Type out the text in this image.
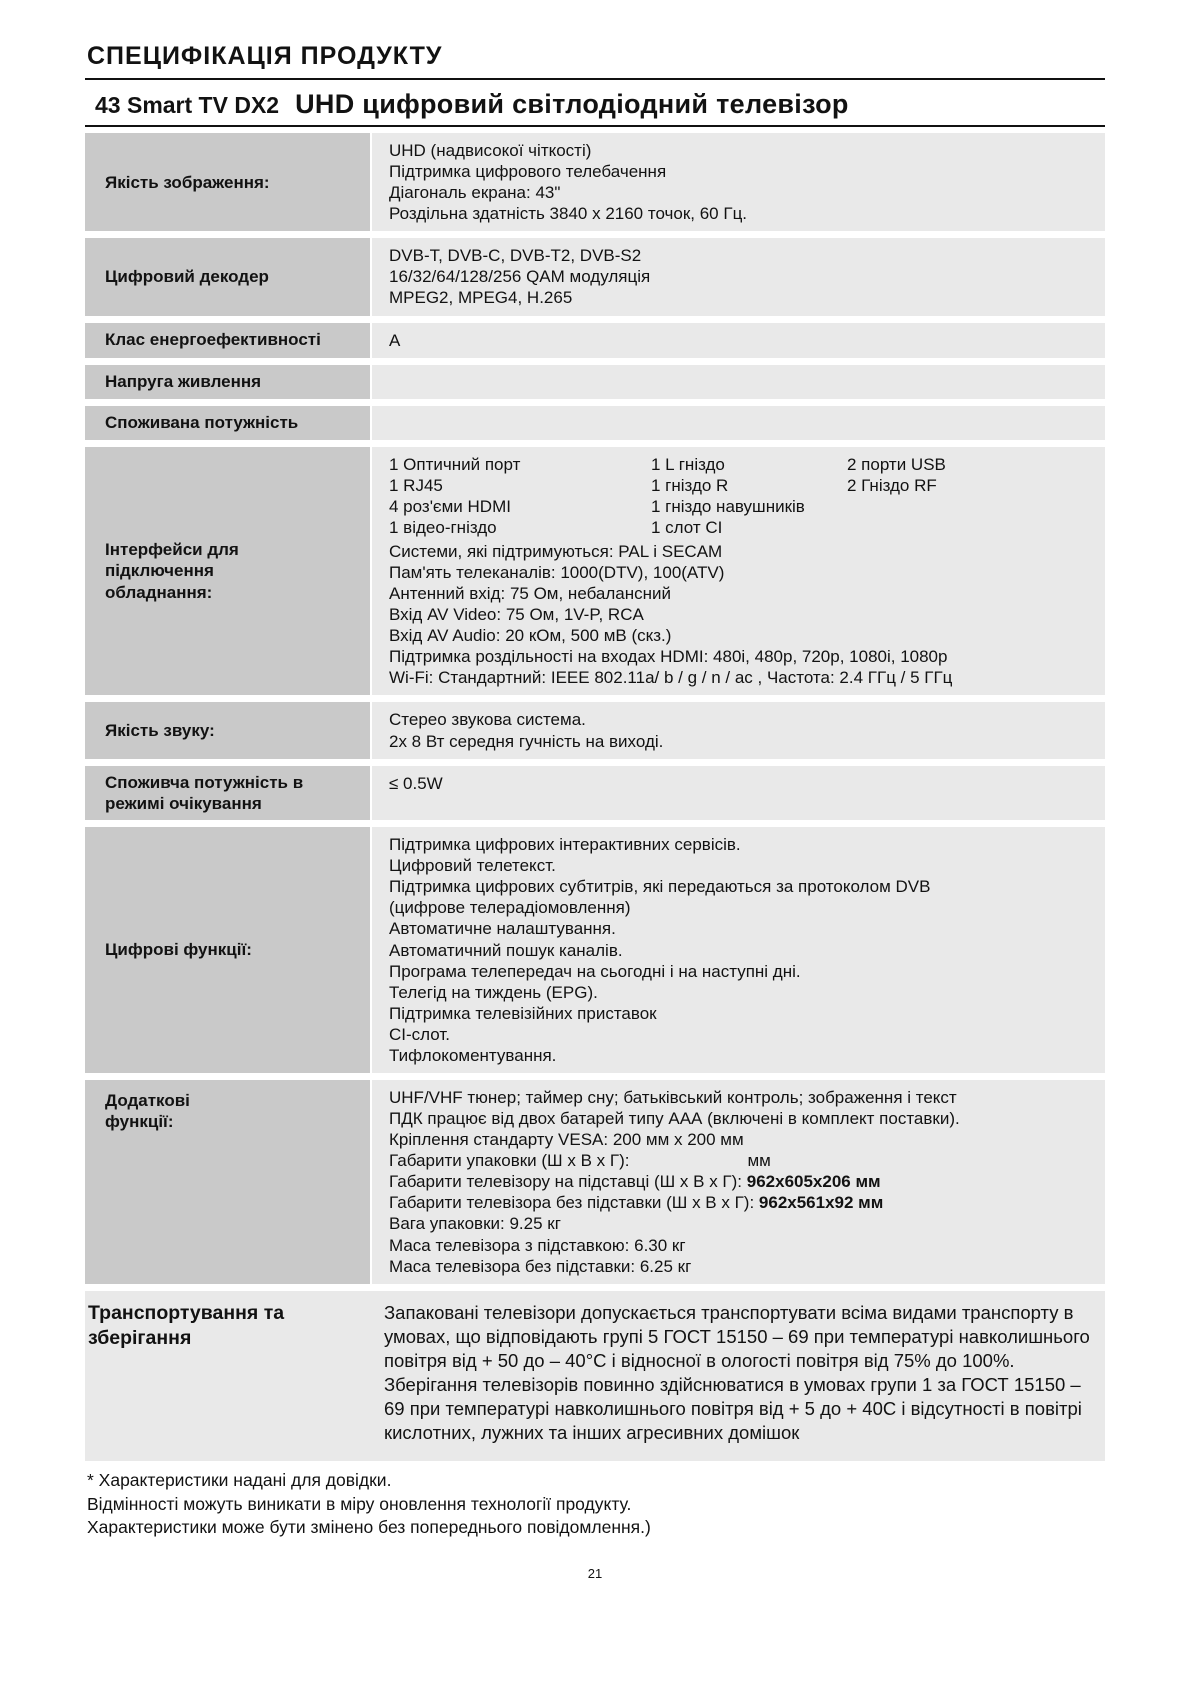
СПЕЦИФІКАЦІЯ ПРОДУКТУ
43 Smart TV DX2 UHD цифровий світлодіодний телевізор
Якість зображення:
UHD (надвисокої чіткості)
Підтримка цифрового телебачення
Діагональ екрана: 43"
Роздільна здатність 3840 х 2160 точок, 60 Гц.
Цифровий декодер
DVB-T, DVB-C, DVB-T2, DVB-S2
16/32/64/128/256 QAM модуляція
MPEG2, MPEG4, H.265
Клас енергоефективності	А
Напруга живлення
Споживана потужність
Інтерфейси для підключення обладнання:
1 Оптичний порт
1 RJ45
4 роз'єми HDMI
1 відео-гніздо
1 L гніздо
1 гніздо R
1 гніздо навушників
1 слот CI
2 порти USB
2 Гніздо RF
Системи, які підтримуються: PAL і SECAM
Пам'ять телеканалів: 1000(DTV), 100(ATV)
Антенний вхід: 75 Ом, небалансний
Вхід AV Video: 75 Ом, 1V-P, RCA
Вхід AV Audio: 20 кОм, 500 мВ (скз.)
Підтримка роздільності на входах HDMI: 480i, 480p, 720p, 1080i, 1080p
Wi-Fi: Стандартний: IEEE 802.11a/ b / g / n / ac , Частота: 2.4 ГГц / 5 ГГц
Якість звуку:
Стерео звукова система.
2х 8 Вт середня гучність на виході.
Споживча потужність в режимі очікування
≤ 0.5W
Цифрові функції:
Підтримка цифрових інтерактивних сервісів.
Цифровий телетекст.
Підтримка цифрових субтитрів, які передаються за протоколом DVB
(цифрове телерадіомовлення)
Автоматичне налаштування.
Автоматичний пошук каналів.
Програма телепередач на сьогодні і на наступні дні.
Телегід на тиждень (EPG).
Підтримка телевізійних приставок
CI-слот.
Тифлокоментування.
Додаткові функції:
UHF/VHF тюнер; таймер сну; батьківський контроль; зображення і текст
ПДК працює від двох батарей типу ААА (включені в комплект поставки).
Кріплення стандарту VESA: 200 мм х 200 мм
Габарити упаковки (Ш х В х Г):	мм
Габарити телевізору на підставці (Ш х В х Г): 962х605х206 мм
Габарити телевізора без підставки (Ш х В х Г): 962х561х92 мм
Вага упаковки: 9.25 кг
Маса телевізора з підставкою: 6.30 кг
Маса телевізора без підставки: 6.25 кг
Транспортування та зберігання
Запаковані телевізори допускається транспортувати всіма видами транспорту в умовах, що відповідають групі 5 ГОСТ 15150 – 69 при температурі навколишнього повітря від + 50 до – 40°С і відносної в ологості повітря від 75% до 100%. Зберігання телевізорів повинно здійснюватися в умовах групи 1 за ГОСТ 15150 – 69 при температурі навколишнього повітря від + 5 до + 40С і відсутності в повітрі кислотних, лужних та інших агресивних домішок
* Характеристики надані для довідки.
Відмінності можуть виникати в міру оновлення технології продукту.
Характеристики може бути змінено без попереднього повідомлення.)
21
